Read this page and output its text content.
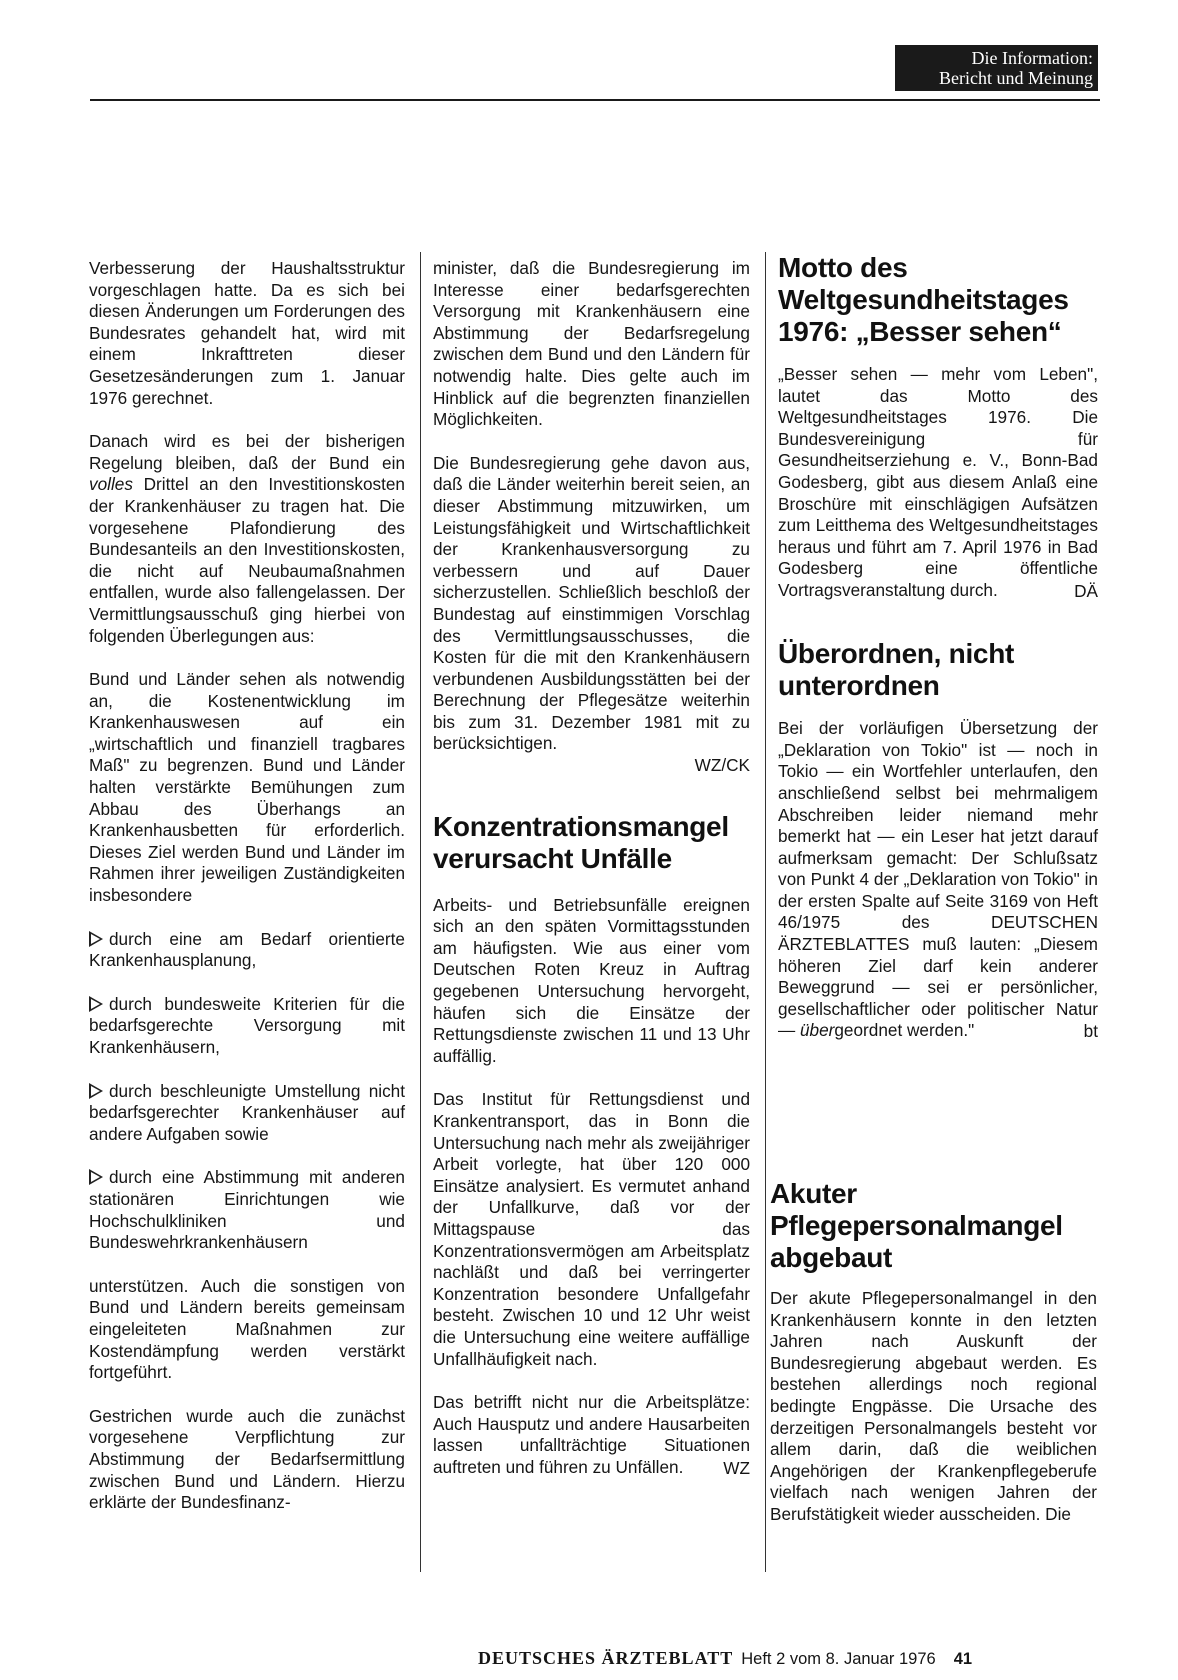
Die Information:
Bericht und Meinung

Verbesserung der Haushaltsstruktur vorgeschlagen hatte. Da es sich bei diesen Änderungen um Forderungen des Bundesrates gehandelt hat, wird mit einem Inkrafttreten dieser Gesetzesänderungen zum 1. Januar 1976 gerechnet.

Danach wird es bei der bisherigen Regelung bleiben, daß der Bund ein volles Drittel an den Investitionskosten der Krankenhäuser zu tragen hat. Die vorgesehene Plafondierung des Bundesanteils an den Investitionskosten, die nicht auf Neubaumaßnahmen entfallen, wurde also fallengelassen. Der Vermittlungsausschuß ging hierbei von folgenden Überlegungen aus:

Bund und Länder sehen als notwendig an, die Kostenentwicklung im Krankenhauswesen auf ein „wirtschaftlich und finanziell tragbares Maß" zu begrenzen. Bund und Länder halten verstärkte Bemühungen zum Abbau des Überhangs an Krankenhausbetten für erforderlich. Dieses Ziel werden Bund und Länder im Rahmen ihrer jeweiligen Zuständigkeiten insbesondere

durch eine am Bedarf orientierte Krankenhausplanung,

durch bundesweite Kriterien für die bedarfsgerechte Versorgung mit Krankenhäusern,

durch beschleunigte Umstellung nicht bedarfsgerechter Krankenhäuser auf andere Aufgaben sowie

durch eine Abstimmung mit anderen stationären Einrichtungen wie Hochschulkliniken und Bundeswehrkrankenhäusern

unterstützen. Auch die sonstigen von Bund und Ländern bereits gemeinsam eingeleiteten Maßnahmen zur Kostendämpfung werden verstärkt fortgeführt.

Gestrichen wurde auch die zunächst vorgesehene Verpflichtung zur Abstimmung der Bedarfsermittlung zwischen Bund und Ländern. Hierzu erklärte der Bundesfinanz-

minister, daß die Bundesregierung im Interesse einer bedarfsgerechten Versorgung mit Krankenhäusern eine Abstimmung der Bedarfsregelung zwischen dem Bund und den Ländern für notwendig halte. Dies gelte auch im Hinblick auf die begrenzten finanziellen Möglichkeiten.

Die Bundesregierung gehe davon aus, daß die Länder weiterhin bereit seien, an dieser Abstimmung mitzuwirken, um Leistungsfähigkeit und Wirtschaftlichkeit der Krankenhausversorgung zu verbessern und auf Dauer sicherzustellen. Schließlich beschloß der Bundestag auf einstimmigen Vorschlag des Vermittlungsausschusses, die Kosten für die mit den Krankenhäusern verbundenen Ausbildungsstätten bei der Berechnung der Pflegesätze weiterhin bis zum 31. Dezember 1981 mit zu berücksichtigen.

WZ/CK
Konzentrationsmangel verursacht Unfälle

Arbeits- und Betriebsunfälle ereignen sich an den späten Vormittagsstunden am häufigsten. Wie aus einer vom Deutschen Roten Kreuz in Auftrag gegebenen Untersuchung hervorgeht, häufen sich die Einsätze der Rettungsdienste zwischen 11 und 13 Uhr auffällig.

Das Institut für Rettungsdienst und Krankentransport, das in Bonn die Untersuchung nach mehr als zweijähriger Arbeit vorlegte, hat über 120 000 Einsätze analysiert. Es vermutet anhand der Unfallkurve, daß vor der Mittagspause das Konzentrationsvermögen am Arbeitsplatz nachläßt und daß bei verringerter Konzentration besondere Unfallgefahr besteht. Zwischen 10 und 12 Uhr weist die Untersuchung eine weitere auffällige Unfallhäufigkeit nach.

Das betrifft nicht nur die Arbeitsplätze: Auch Hausputz und andere Hausarbeiten lassen unfallträchtige Situationen auftreten und führen zu Unfällen.	WZ
Motto des Weltgesundheitstages 1976: „Besser sehen“

„Besser sehen — mehr vom Leben", lautet das Motto des Weltgesundheitstages 1976. Die Bundesvereinigung für Gesundheitserziehung e. V., Bonn-Bad Godesberg, gibt aus diesem Anlaß eine Broschüre mit einschlägigen Aufsätzen zum Leitthema des Weltgesundheitstages heraus und führt am 7. April 1976 in Bad Godesberg eine öffentliche Vortragsveranstaltung durch.	DÄ
Überordnen, nicht unterordnen

Bei der vorläufigen Übersetzung der „Deklaration von Tokio" ist — noch in Tokio — ein Wortfehler unterlaufen, den anschließend selbst bei mehrmaligem Abschreiben leider niemand mehr bemerkt hat — ein Leser hat jetzt darauf aufmerksam gemacht: Der Schlußsatz von Punkt 4 der „Deklaration von Tokio" in der ersten Spalte auf Seite 3169 von Heft 46/1975 des DEUTSCHEN ÄRZTEBLATTES muß lauten: „Diesem höheren Ziel darf kein anderer Beweggrund — sei er persönlicher, gesellschaftlicher oder politischer Natur — übergeordnet werden."	bt
Akuter Pflegepersonalmangel abgebaut

Der akute Pflegepersonalmangel in den Krankenhäusern konnte in den letzten Jahren nach Auskunft der Bundesregierung abgebaut werden. Es bestehen allerdings noch regional bedingte Engpässe. Die Ursache des derzeitigen Personalmangels besteht vor allem darin, daß die weiblichen Angehörigen der Krankenpflegeberufe vielfach nach wenigen Jahren der Berufstätigkeit wieder ausscheiden. Die

DEUTSCHES ÄRZTEBLATT Heft 2 vom 8. Januar 1976 41
